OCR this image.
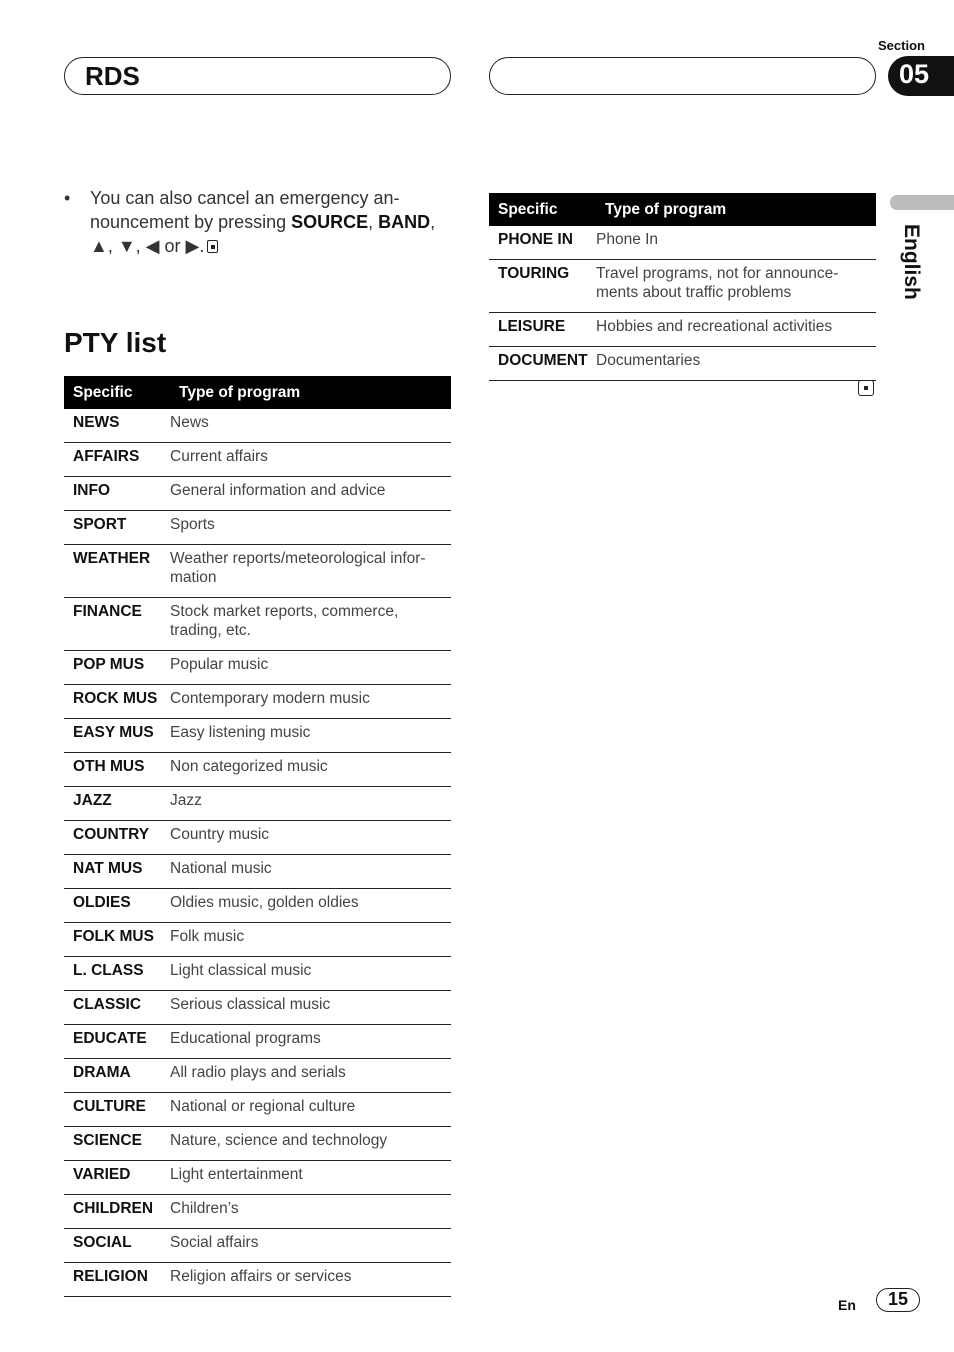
RDS
Section
05
English
• You can also cancel an emergency an- nouncement by pressing SOURCE, BAND,
▲, ▼, ◀ or ▶.
PTY list
Specific	Type of program

NEWS	News

AFFAIRS	Current affairs

INFO	General information and advice

SPORT	Sports

WEATHER	Weather reports/meteorological infor- mation

FINANCE	Stock market reports, commerce, trading, etc.

POP MUS	Popular music

ROCK MUS	Contemporary modern music

EASY MUS	Easy listening music

OTH MUS	Non categorized music

JAZZ	Jazz

COUNTRY	Country music

NAT MUS	National music

OLDIES	Oldies music, golden oldies

FOLK MUS	Folk music

L. CLASS	Light classical music

CLASSIC	Serious classical music

EDUCATE	Educational programs

DRAMA	All radio plays and serials

CULTURE	National or regional culture

SCIENCE	Nature, science and technology

VARIED	Light entertainment

CHILDREN	Children’s

SOCIAL	Social affairs

RELIGION	Religion affairs or services
Specific	Type of program

PHONE IN	Phone In

TOURING	Travel programs, not for announce- ments about traffic problems

LEISURE	Hobbies and recreational activities

DOCUMENT	Documentaries
En	15
